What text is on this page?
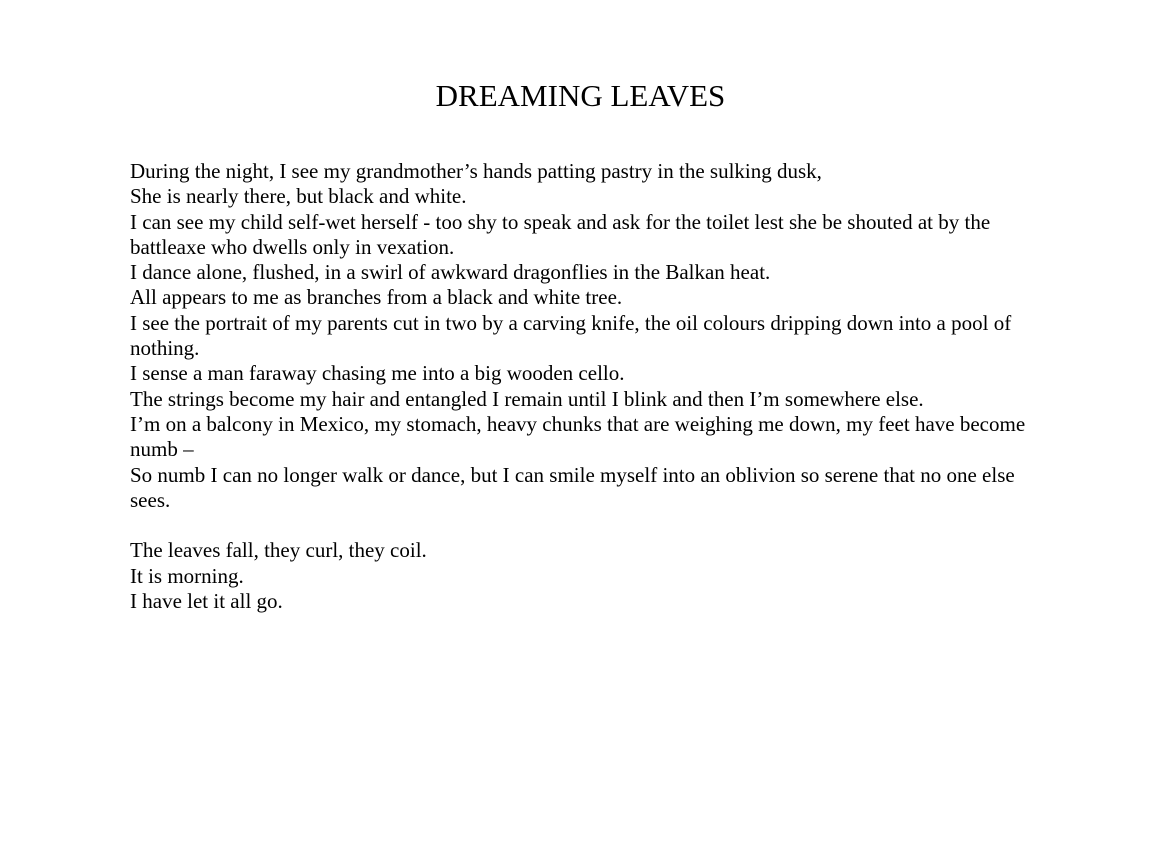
DREAMING LEAVES
During the night, I see my grandmother’s hands patting pastry in the sulking dusk,
She is nearly there, but black and white.
I can see my child self-wet herself - too shy to speak and ask for the toilet lest she be shouted at by the battleaxe who dwells only in vexation.
I dance alone, flushed, in a swirl of awkward dragonflies in the Balkan heat.
All appears to me as branches from a black and white tree.
I see the portrait of my parents cut in two by a carving knife, the oil colours dripping down into a pool of nothing.
I sense a man faraway chasing me into a big wooden cello.
The strings become my hair and entangled I remain until I blink and then I’m somewhere else.
I’m on a balcony in Mexico, my stomach, heavy chunks that are weighing me down, my feet have become numb –
So numb I can no longer walk or dance, but I can smile myself into an oblivion so serene that no one else sees.
The leaves fall, they curl, they coil.
It is morning.
I have let it all go.
